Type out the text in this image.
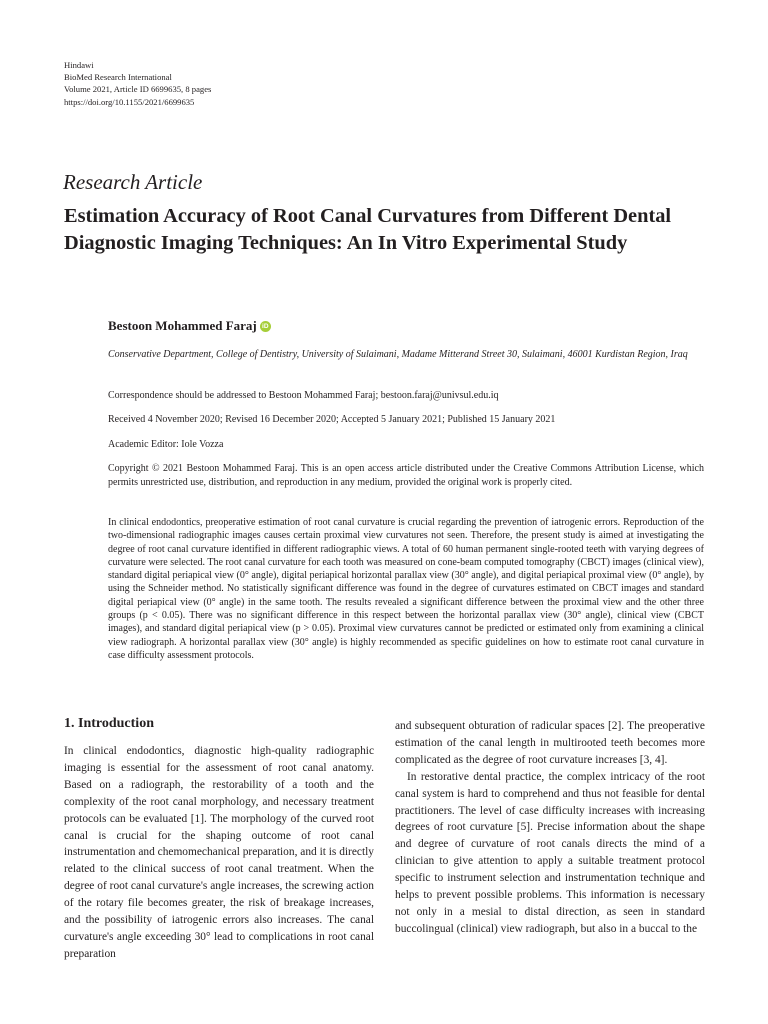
Hindawi
BioMed Research International
Volume 2021, Article ID 6699635, 8 pages
https://doi.org/10.1155/2021/6699635
Research Article
Estimation Accuracy of Root Canal Curvatures from Different Dental Diagnostic Imaging Techniques: An In Vitro Experimental Study
Bestoon Mohammed Faraj iD
Conservative Department, College of Dentistry, University of Sulaimani, Madame Mitterand Street 30, Sulaimani, 46001 Kurdistan Region, Iraq
Correspondence should be addressed to Bestoon Mohammed Faraj; bestoon.faraj@univsul.edu.iq
Received 4 November 2020; Revised 16 December 2020; Accepted 5 January 2021; Published 15 January 2021
Academic Editor: Iole Vozza
Copyright © 2021 Bestoon Mohammed Faraj. This is an open access article distributed under the Creative Commons Attribution License, which permits unrestricted use, distribution, and reproduction in any medium, provided the original work is properly cited.
In clinical endodontics, preoperative estimation of root canal curvature is crucial regarding the prevention of iatrogenic errors. Reproduction of the two-dimensional radiographic images causes certain proximal view curvatures not seen. Therefore, the present study is aimed at investigating the degree of root canal curvature identified in different radiographic views. A total of 60 human permanent single-rooted teeth with varying degrees of curvature were selected. The root canal curvature for each tooth was measured on cone-beam computed tomography (CBCT) images (clinical view), standard digital periapical view (0° angle), digital periapical horizontal parallax view (30° angle), and digital periapical proximal view (0° angle), by using the Schneider method. No statistically significant difference was found in the degree of curvatures estimated on CBCT images and standard digital periapical view (0° angle) in the same tooth. The results revealed a significant difference between the proximal view and the other three groups (p < 0.05). There was no significant difference in this respect between the horizontal parallax view (30° angle), clinical view (CBCT images), and standard digital periapical view (p > 0.05). Proximal view curvatures cannot be predicted or estimated only from examining a clinical view radiograph. A horizontal parallax view (30° angle) is highly recommended as specific guidelines on how to estimate root canal curvature in case difficulty assessment protocols.
1. Introduction

In clinical endodontics, diagnostic high-quality radiographic imaging is essential for the assessment of root canal anatomy. Based on a radiograph, the restorability of a tooth and the complexity of the root canal morphology, and necessary treatment protocols can be evaluated [1]. The morphology of the curved root canal is crucial for the shaping outcome of root canal instrumentation and chemomechanical preparation, and it is directly related to the clinical success of root canal treatment. When the degree of root canal curvature's angle increases, the screwing action of the rotary file becomes greater, the risk of breakage increases, and the possibility of iatrogenic errors also increases. The canal curvature's angle exceeding 30° lead to complications in root canal preparation

and subsequent obturation of radicular spaces [2]. The preoperative estimation of the canal length in multirooted teeth becomes more complicated as the degree of root curvature increases [3, 4].

In restorative dental practice, the complex intricacy of the root canal system is hard to comprehend and thus not feasible for dental practitioners. The level of case difficulty increases with increasing degrees of root curvature [5]. Precise information about the shape and degree of curvature of root canals directs the mind of a clinician to give attention to apply a suitable treatment protocol specific to instrument selection and instrumentation technique and helps to prevent possible problems. This information is necessary not only in a mesial to distal direction, as seen in standard buccolingual (clinical) view radiograph, but also in a buccal to the
